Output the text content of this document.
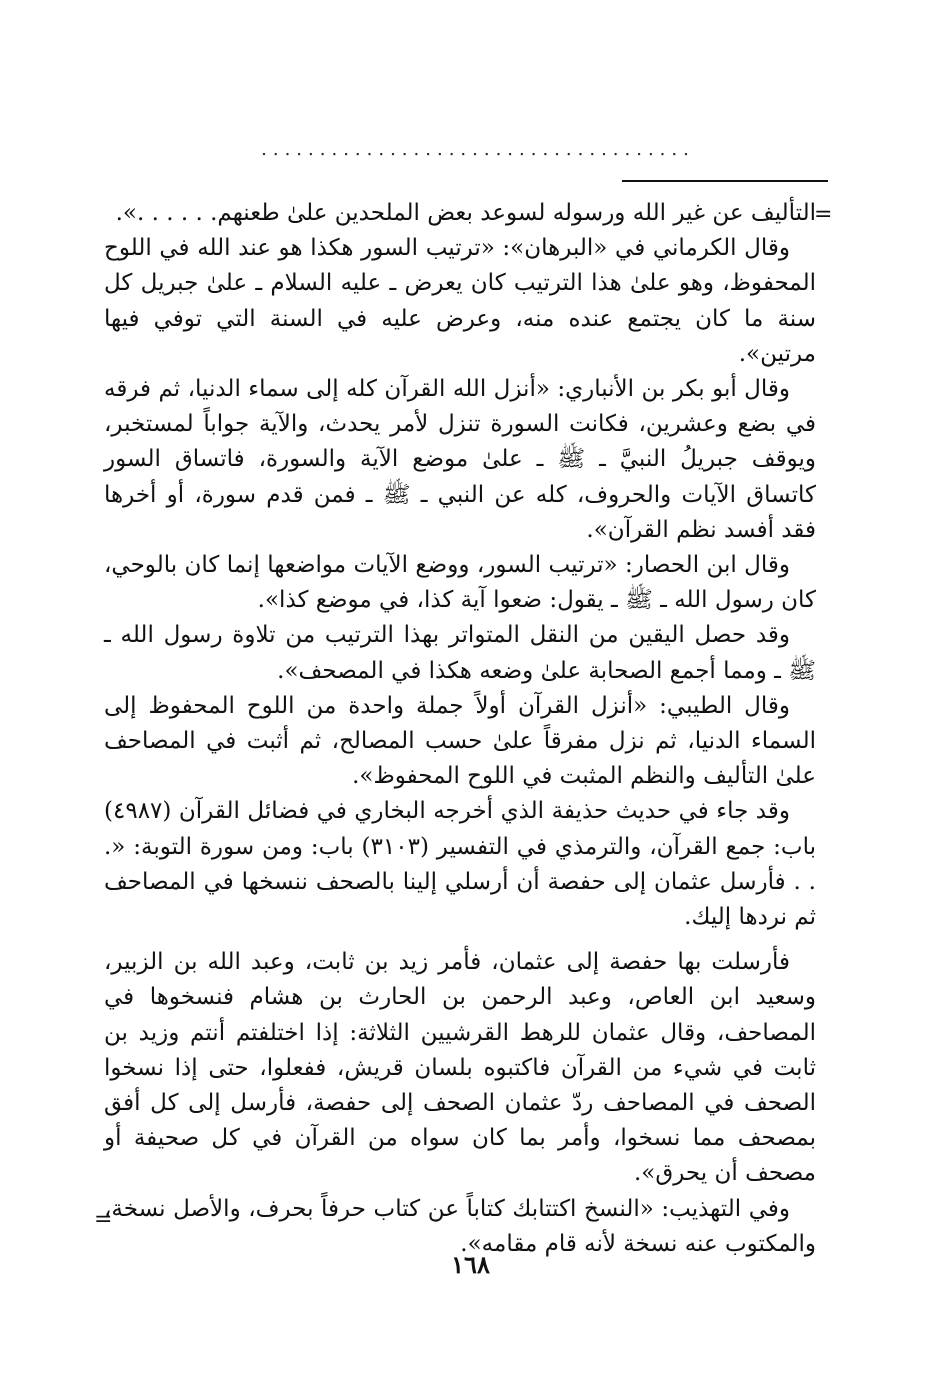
.....................................
=

التأليف عن غير الله ورسوله لسوعد بعض الملحدين علىٰ طعنهم. . . . . .».

وقال الكرماني في «البرهان»: «ترتيب السور هكذا هو عند الله في اللوح المحفوظ، وهو علىٰ هذا الترتيب كان يعرض ـ عليه السلام ـ علىٰ جبريل كل سنة ما كان يجتمع عنده منه، وعرض عليه في السنة التي توفي فيها مرتين».

وقال أبو بكر بن الأنباري: «أنزل الله القرآن كله إلى سماء الدنيا، ثم فرقه في بضع وعشرين، فكانت السورة تنزل لأمر يحدث، والآية جواباً لمستخبر، ويوقف جبريلُ النبيَّ ـ ﷺ ـ علىٰ موضع الآية والسورة، فاتساق السور كاتساق الآيات والحروف، كله عن النبي ـ ﷺ ـ فمن قدم سورة، أو أخرها فقد أفسد نظم القرآن».

وقال ابن الحصار: «ترتيب السور، ووضع الآيات مواضعها إنما كان بالوحي، كان رسول الله ـ ﷺ ـ يقول: ضعوا آية كذا، في موضع كذا».

وقد حصل اليقين من النقل المتواتر بهذا الترتيب من تلاوة رسول الله ـ ﷺ ـ ومما أجمع الصحابة علىٰ وضعه هكذا في المصحف».

وقال الطيبي: «أنزل القرآن أولاً جملة واحدة من اللوح المحفوظ إلى السماء الدنيا، ثم نزل مفرقاً علىٰ حسب المصالح، ثم أثبت في المصاحف علىٰ التأليف والنظم المثبت في اللوح المحفوظ».

وقد جاء في حديث حذيفة الذي أخرجه البخاري في فضائل القرآن (٤٩٨٧) باب: جمع القرآن، والترمذي في التفسير (٣١٠٣) باب: ومن سورة التوبة: «. . . فأرسل عثمان إلى حفصة أن أرسلي إلينا بالصحف ننسخها في المصاحف ثم نردها إليك.

فأرسلت بها حفصة إلى عثمان، فأمر زيد بن ثابت، وعبد الله بن الزبير، وسعيد ابن العاص، وعبد الرحمن بن الحارث بن هشام فنسخوها في المصاحف، وقال عثمان للرهط القرشيين الثلاثة: إذا اختلفتم أنتم وزيد بن ثابت في شيء من القرآن فاكتبوه بلسان قريش، ففعلوا، حتى إذا نسخوا الصحف في المصاحف ردّ عثمان الصحف إلى حفصة، فأرسل إلى كل أفق بمصحف مما نسخوا، وأمر بما كان سواه من القرآن في كل صحيفة أو مصحف أن يحرق».

وفي التهذيب: «النسخ اكتتابك كتاباً عن كتاب حرفاً بحرف، والأصل نسخة، والمكتوب عنه نسخة لأنه قام مقامه».

=
١٦٨
